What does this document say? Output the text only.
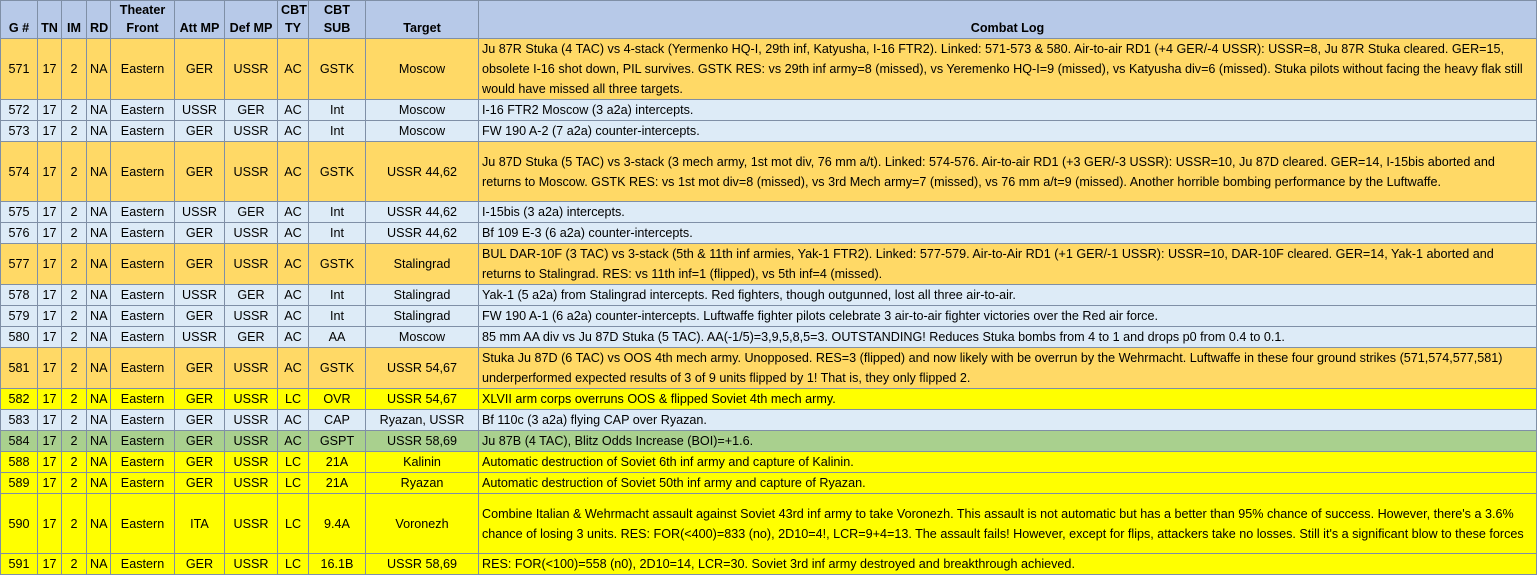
G #	TN	IM	RD	Theater Front	Att MP	Def MP	CBT TY	CBT SUB	Target	Combat Log
571	17	2	NA	Eastern	GER	USSR	AC	GSTK	Moscow	Ju 87R Stuka (4 TAC) vs 4-stack (Yermenko HQ-I, 29th inf, Katyusha, I-16 FTR2). Linked: 571-573 & 580. Air-to-air RD1 (+4 GER/-4 USSR): USSR=8, Ju 87R Stuka cleared. GER=15, obsolete I-16 shot down, PIL survives. GSTK RES: vs 29th inf army=8 (missed), vs Yeremenko HQ-I=9 (missed), vs Katyusha div=6 (missed). Stuka pilots without facing the heavy flak still would have missed all three targets.
572	17	2	NA	Eastern	USSR	GER	AC	Int	Moscow	I-16 FTR2 Moscow (3 a2a) intercepts.
573	17	2	NA	Eastern	GER	USSR	AC	Int	Moscow	FW 190 A-2 (7 a2a) counter-intercepts.
574	17	2	NA	Eastern	GER	USSR	AC	GSTK	USSR 44,62	Ju 87D Stuka (5 TAC) vs 3-stack (3 mech army, 1st mot div, 76 mm a/t). Linked: 574-576. Air-to-air RD1 (+3 GER/-3 USSR): USSR=10, Ju 87D cleared. GER=14, I-15bis aborted and returns to Moscow. GSTK RES: vs 1st mot div=8 (missed), vs 3rd Mech army=7 (missed), vs 76 mm a/t=9 (missed). Another horrible bombing performance by the Luftwaffe.
575	17	2	NA	Eastern	USSR	GER	AC	Int	USSR 44,62	I-15bis (3 a2a) intercepts.
576	17	2	NA	Eastern	GER	USSR	AC	Int	USSR 44,62	Bf 109 E-3 (6 a2a) counter-intercepts.
577	17	2	NA	Eastern	GER	USSR	AC	GSTK	Stalingrad	BUL DAR-10F (3 TAC) vs 3-stack (5th & 11th inf armies, Yak-1 FTR2). Linked: 577-579. Air-to-Air RD1 (+1 GER/-1 USSR): USSR=10, DAR-10F cleared. GER=14, Yak-1 aborted and returns to Stalingrad. RES: vs 11th inf=1 (flipped), vs 5th inf=4 (missed).
578	17	2	NA	Eastern	USSR	GER	AC	Int	Stalingrad	Yak-1 (5 a2a) from Stalingrad intercepts. Red fighters, though outgunned, lost all three air-to-air.
579	17	2	NA	Eastern	GER	USSR	AC	Int	Stalingrad	FW 190 A-1 (6 a2a) counter-intercepts. Luftwaffe fighter pilots celebrate 3 air-to-air fighter victories over the Red air force.
580	17	2	NA	Eastern	USSR	GER	AC	AA	Moscow	85 mm AA div vs Ju 87D Stuka (5 TAC). AA(-1/5)=3,9,5,8,5=3. OUTSTANDING! Reduces Stuka bombs from 4 to 1 and drops p0 from 0.4 to 0.1.
581	17	2	NA	Eastern	GER	USSR	AC	GSTK	USSR 54,67	Stuka Ju 87D (6 TAC) vs OOS 4th mech army. Unopposed. RES=3 (flipped) and now likely with be overrun by the Wehrmacht. Luftwaffe in these four ground strikes (571,574,577,581) underperformed expected results of 3 of 9 units flipped by 1! That is, they only flipped 2.
582	17	2	NA	Eastern	GER	USSR	LC	OVR	USSR 54,67	XLVII arm corps overruns OOS & flipped Soviet 4th mech army.
583	17	2	NA	Eastern	GER	USSR	AC	CAP	Ryazan, USSR	Bf 110c (3 a2a) flying CAP over Ryazan.
584	17	2	NA	Eastern	GER	USSR	AC	GSPT	USSR 58,69	Ju 87B (4 TAC), Blitz Odds Increase (BOI)=+1.6.
588	17	2	NA	Eastern	GER	USSR	LC	21A	Kalinin	Automatic destruction of Soviet 6th inf army and capture of Kalinin.
589	17	2	NA	Eastern	GER	USSR	LC	21A	Ryazan	Automatic destruction of Soviet 50th inf army and capture of Ryazan.
590	17	2	NA	Eastern	ITA	USSR	LC	9.4A	Voronezh	Combine Italian & Wehrmacht assault against Soviet 43rd inf army to take Voronezh. This assault is not automatic but has a better than 95% chance of success. However, there's a 3.6% chance of losing 3 units. RES: FOR(<400)=833 (no), 2D10=4!, LCR=9+4=13. The assault fails! However, except for flips, attackers take no losses. Still it's a significant blow to these forces
591	17	2	NA	Eastern	GER	USSR	LC	16.1B	USSR 58,69	RES: FOR(<100)=558 (n0), 2D10=14, LCR=30. Soviet 3rd inf army destroyed and breakthrough achieved.
